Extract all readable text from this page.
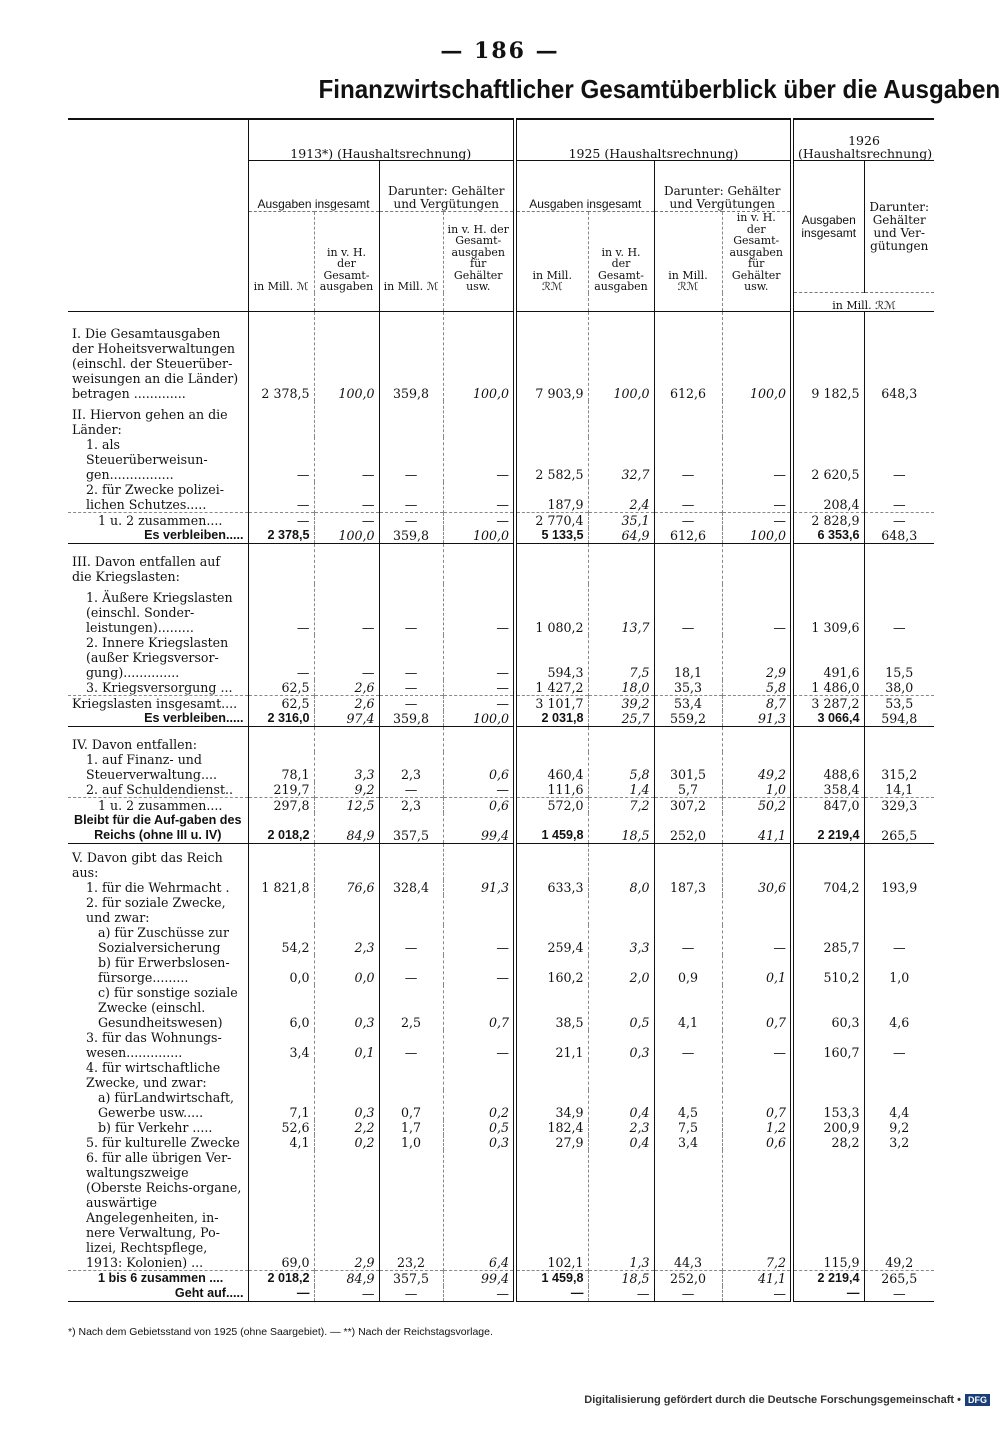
— 186 —
Finanzwirtschaftlicher Gesamtüberblick über die Ausgaben
	1913*) (Haushaltsrechnung)				1925 (Haushaltsrechnung)				1926 (Haushaltsrechnung)	
	Ausgaben insgesamt		Darunter: Gehälter und Vergütungen		Ausgaben insgesamt		Darunter: Gehälter und Vergütungen		Ausgaben insgesamt	Darunter: Gehälter und Ver-gütungen
	in Mill. ℳ	in v. H. der Gesamt-ausgaben	in Mill. ℳ	in v. H. der Gesamt-ausgaben für Gehälter usw.	in Mill. ℛℳ	in v. H. der Gesamt-ausgaben	in Mill. ℛℳ	in v. H. der Gesamt-ausgaben für Gehälter usw.		
									in Mill. ℛℳ	
I. Die Gesamtausgaben der Hoheitsverwaltungen (einschl. der Steuerüber-weisungen an die Länder) betragen .............	2 378,5	100,0	359,8	100,0	7 903,9	100,0	612,6	100,0	9 182,5	648,3
II. Hiervon gehen an die Länder:										
1. als Steuerüberweisun-gen................	—	—	—	—	2 582,5	32,7	—	—	2 620,5	—
2. für Zwecke polizei-lichen Schutzes.....	—	—	—	—	187,9	2,4	—	—	208,4	—
1 u. 2 zusammen....	—	—	—	—	2 770,4	35,1	—	—	2 828,9	—
Es verbleiben.....	2 378,5	100,0	359,8	100,0	5 133,5	64,9	612,6	100,0	6 353,6	648,3
III. Davon entfallen auf die Kriegslasten:										
1. Äußere Kriegslasten (einschl. Sonder-leistungen).........	—	—	—	—	1 080,2	13,7	—	—	1 309,6	—
2. Innere Kriegslasten (außer Kriegsversor-gung)..............	—	—	—	—	594,3	7,5	18,1	2,9	491,6	15,5
3. Kriegsversorgung ...	62,5	2,6	—	—	1 427,2	18,0	35,3	5,8	1 486,0	38,0
Kriegslasten insgesamt....	62,5	2,6	—	—	3 101,7	39,2	53,4	8,7	3 287,2	53,5
Es verbleiben.....	2 316,0	97,4	359,8	100,0	2 031,8	25,7	559,2	91,3	3 066,4	594,8
IV. Davon entfallen:										
1. auf Finanz- und Steuerverwaltung....	78,1	3,3	2,3	0,6	460,4	5,8	301,5	49,2	488,6	315,2
2. auf Schuldendienst..	219,7	9,2	—	—	111,6	1,4	5,7	1,0	358,4	14,1
1 u. 2 zusammen....	297,8	12,5	2,3	0,6	572,0	7,2	307,2	50,2	847,0	329,3
Bleibt für die Auf-gaben des Reichs (ohne III u. IV)	2 018,2	84,9	357,5	99,4	1 459,8	18,5	252,0	41,1	2 219,4	265,5
V. Davon gibt das Reich aus:										
1. für die Wehrmacht .	1 821,8	76,6	328,4	91,3	633,3	8,0	187,3	30,6	704,2	193,9
2. für soziale Zwecke, und zwar:										
a) für Zuschüsse zur Sozialversicherung	54,2	2,3	—	—	259,4	3,3	—	—	285,7	—
b) für Erwerbslosen-fürsorge.........	0,0	0,0	—	—	160,2	2,0	0,9	0,1	510,2	1,0
c) für sonstige soziale Zwecke (einschl. Gesundheitswesen)	6,0	0,3	2,5	0,7	38,5	0,5	4,1	0,7	60,3	4,6
3. für das Wohnungs-wesen..............	3,4	0,1	—	—	21,1	0,3	—	—	160,7	—
4. für wirtschaftliche Zwecke, und zwar:										
a) fürLandwirtschaft, Gewerbe usw.....	7,1	0,3	0,7	0,2	34,9	0,4	4,5	0,7	153,3	4,4
b) für Verkehr .....	52,6	2,2	1,7	0,5	182,4	2,3	7,5	1,2	200,9	9,2
5. für kulturelle Zwecke	4,1	0,2	1,0	0,3	27,9	0,4	3,4	0,6	28,2	3,2
6. für alle übrigen Ver-waltungszweige (Oberste Reichs-organe, auswärtige Angelegenheiten, in-nere Verwaltung, Po-lizei, Rechtspflege, 1913: Kolonien) ...	69,0	2,9	23,2	6,4	102,1	1,3	44,3	7,2	115,9	49,2
1 bis 6 zusammen ....	2 018,2	84,9	357,5	99,4	1 459,8	18,5	252,0	41,1	2 219,4	265,5
Geht auf.....	—	—	—	—	—	—	—	—	—	—
*) Nach dem Gebietsstand von 1925 (ohne Saargebiet). — **) Nach der Reichstagsvorlage.
Digitalisierung gefördert durch die Deutsche Forschungsgemeinschaft • DFG
